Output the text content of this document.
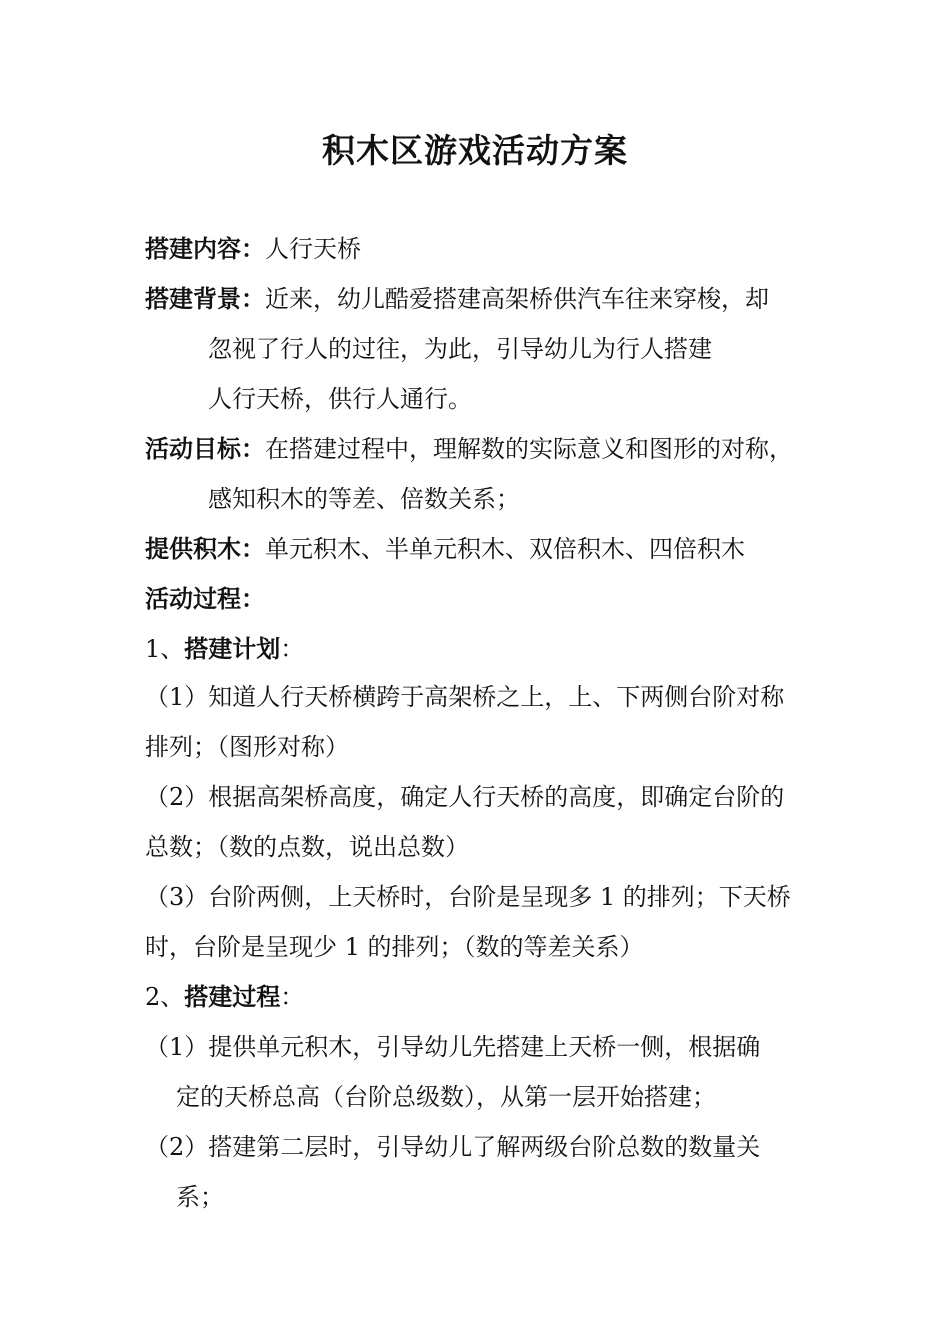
积木区游戏活动方案
搭建内容：人行天桥
搭建背景：近来，幼儿酷爱搭建高架桥供汽车往来穿梭，却
忽视了行人的过往，为此，引导幼儿为行人搭建
人行天桥，供行人通行。
活动目标：在搭建过程中，理解数的实际意义和图形的对称，
感知积木的等差、倍数关系；
提供积木：单元积木、半单元积木、双倍积木、四倍积木
活动过程：
1、搭建计划：
（1）知道人行天桥横跨于高架桥之上，上、下两侧台阶对称
排列；（图形对称）
（2）根据高架桥高度，确定人行天桥的高度，即确定台阶的
总数；（数的点数，说出总数）
（3）台阶两侧，上天桥时，台阶是呈现多 1 的排列；下天桥
时，台阶是呈现少 1 的排列；（数的等差关系）
2、搭建过程：
（1）提供单元积木，引导幼儿先搭建上天桥一侧，根据确
定的天桥总高（台阶总级数），从第一层开始搭建；
（2）搭建第二层时，引导幼儿了解两级台阶总数的数量关
系；
